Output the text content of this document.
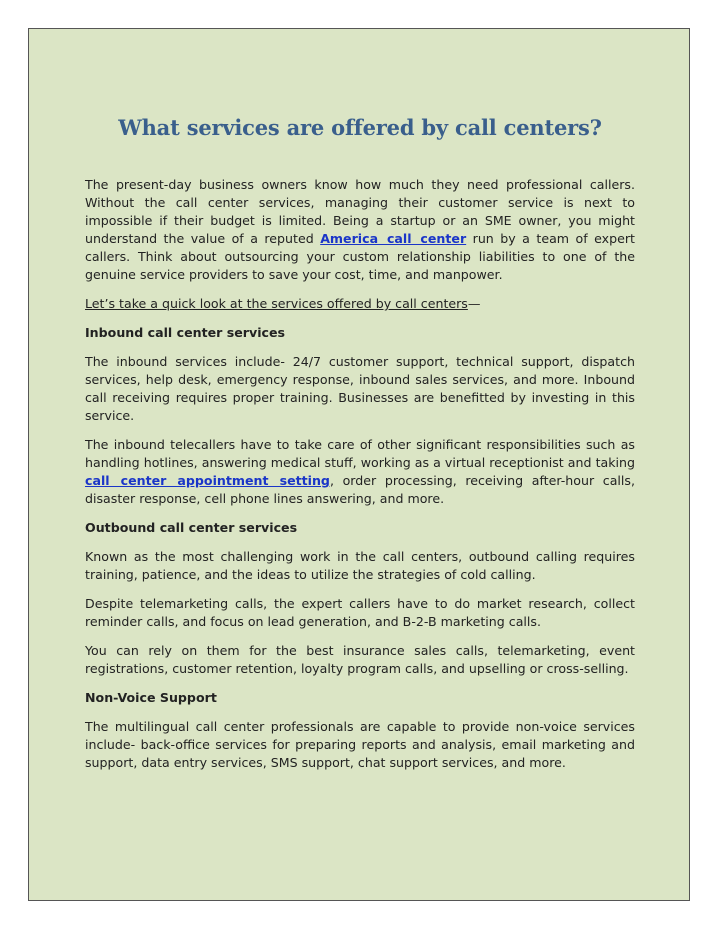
What services are offered by call centers?

The present-day business owners know how much they need professional callers. Without the call center services, managing their customer service is next to impossible if their budget is limited. Being a startup or an SME owner, you might understand the value of a reputed America call center run by a team of expert callers. Think about outsourcing your custom relationship liabilities to one of the genuine service providers to save your cost, time, and manpower.

Let’s take a quick look at the services offered by call centers—

Inbound call center services

The inbound services include- 24/7 customer support, technical support, dispatch services, help desk, emergency response, inbound sales services, and more. Inbound call receiving requires proper training. Businesses are benefitted by investing in this service.

The inbound telecallers have to take care of other significant responsibilities such as handling hotlines, answering medical stuff, working as a virtual receptionist and taking call center appointment setting, order processing, receiving after-hour calls, disaster response, cell phone lines answering, and more.

Outbound call center services

Known as the most challenging work in the call centers, outbound calling requires training, patience, and the ideas to utilize the strategies of cold calling.

Despite telemarketing calls, the expert callers have to do market research, collect reminder calls, and focus on lead generation, and B-2-B marketing calls.

You can rely on them for the best insurance sales calls, telemarketing, event registrations, customer retention, loyalty program calls, and upselling or cross-selling.

Non-Voice Support

The multilingual call center professionals are capable to provide non-voice services include- back-office services for preparing reports and analysis, email marketing and support, data entry services, SMS support, chat support services, and more.
